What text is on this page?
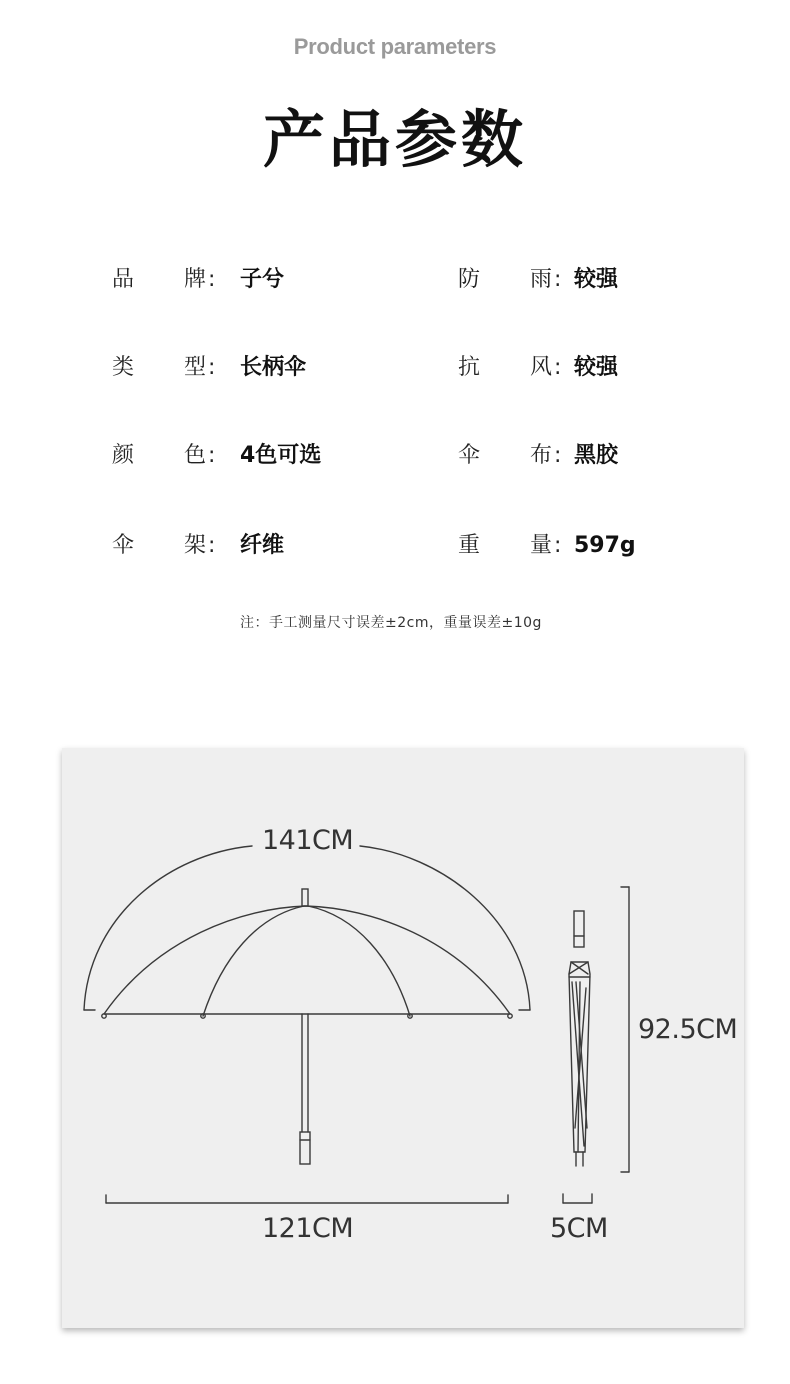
Product parameters
产品参数
品 牌 : 子兮	防 雨 : 较强
类 型 : 长柄伞	抗 风 : 较强
颜 色 : 4色可选	伞 布 : 黑胶
伞 架 : 纤维	重 量 : 597g
注：手工测量尺寸误差±2cm，重量误差±10g
141CM
121CM
92.5CM
5CM
